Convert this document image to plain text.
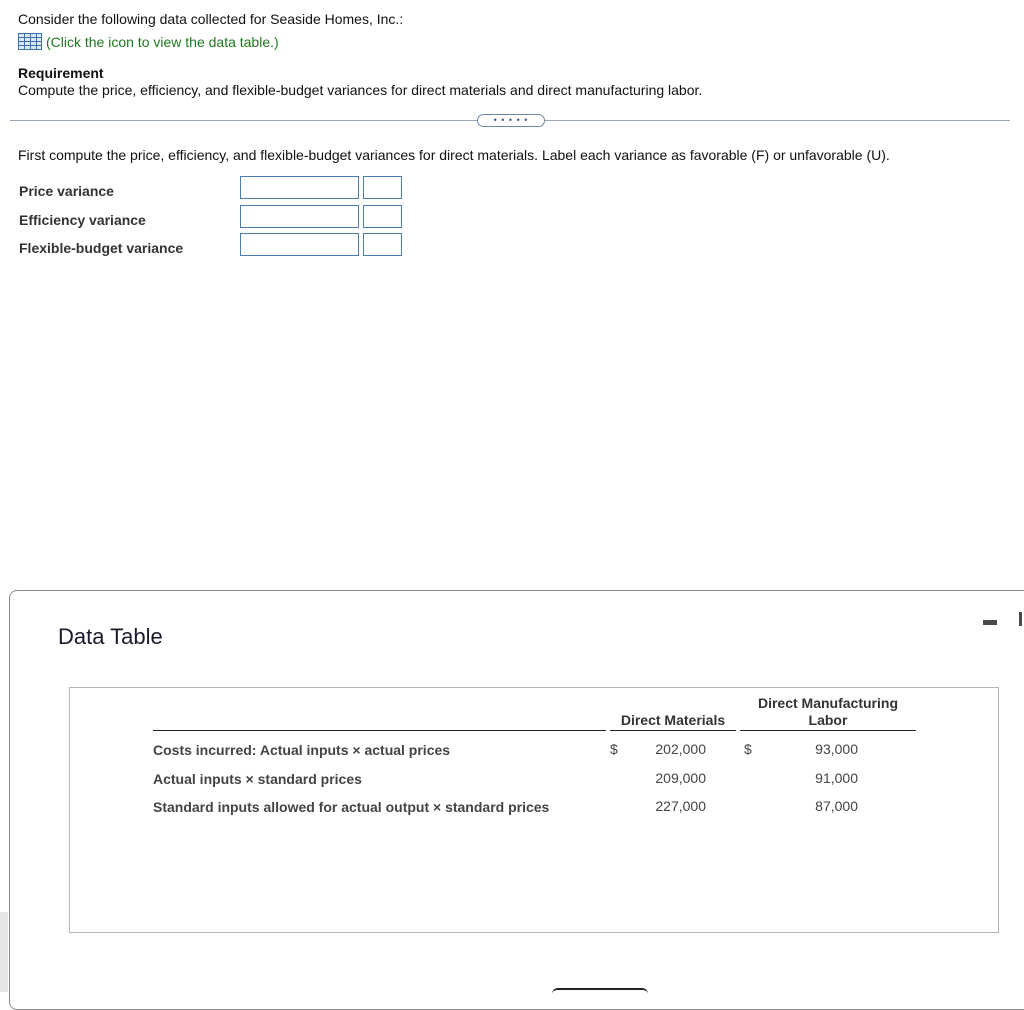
Consider the following data collected for Seaside Homes, Inc.:
(Click the icon to view the data table.)
Requirement
Compute the price, efficiency, and flexible-budget variances for direct materials and direct manufacturing labor.
• • • • •
First compute the price, efficiency, and flexible-budget variances for direct materials. Label each variance as favorable (F) or unfavorable (U).
Price variance
Efficiency variance
Flexible-budget variance
Data Table
Direct Materials
Direct Manufacturing
Labor
Costs incurred: Actual inputs × actual prices	$	202,000	$	93,000
Actual inputs × standard prices	209,000	91,000
Standard inputs allowed for actual output × standard prices	227,000	87,000
